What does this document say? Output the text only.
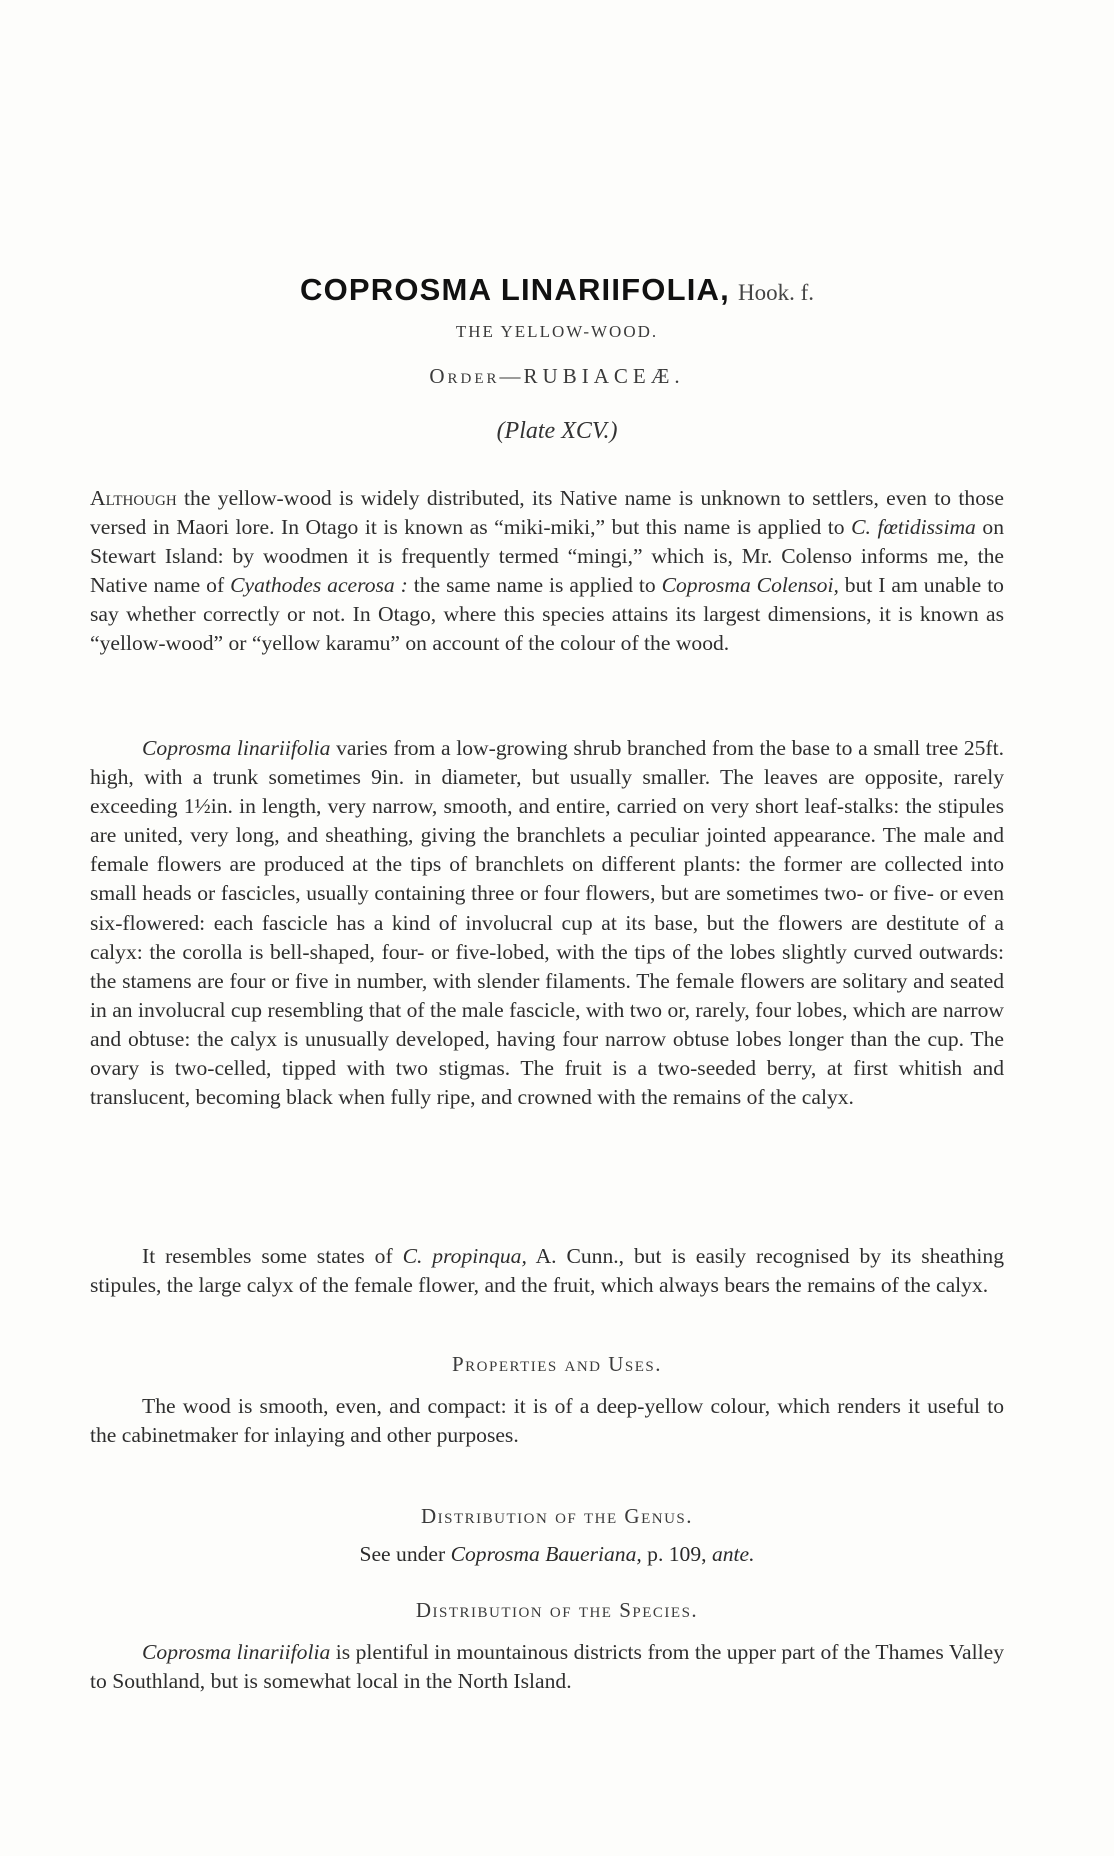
COPROSMA LINARIIFOLIA, Hook. f.
THE YELLOW-WOOD.
Order—RUBIACEÆ.
(Plate XCV.)

Although the yellow-wood is widely distributed, its Native name is unknown to settlers, even to those versed in Maori lore. In Otago it is known as “miki-miki,” but this name is applied to C. fœtidissima on Stewart Island: by woodmen it is frequently termed “mingi,” which is, Mr. Colenso informs me, the Native name of Cyathodes acerosa : the same name is applied to Coprosma Colensoi, but I am unable to say whether correctly or not. In Otago, where this species attains its largest dimensions, it is known as “yellow-wood” or “yellow karamu” on account of the colour of the wood.

Coprosma linariifolia varies from a low-growing shrub branched from the base to a small tree 25ft. high, with a trunk sometimes 9in. in diameter, but usually smaller. The leaves are opposite, rarely exceeding 1½in. in length, very narrow, smooth, and entire, carried on very short leaf-stalks: the stipules are united, very long, and sheathing, giving the branchlets a peculiar jointed appearance. The male and female flowers are produced at the tips of branchlets on different plants: the former are collected into small heads or fascicles, usually containing three or four flowers, but are sometimes two- or five- or even six-flowered: each fascicle has a kind of involucral cup at its base, but the flowers are destitute of a calyx: the corolla is bell-shaped, four- or five-lobed, with the tips of the lobes slightly curved outwards: the stamens are four or five in number, with slender filaments. The female flowers are solitary and seated in an involucral cup resembling that of the male fascicle, with two or, rarely, four lobes, which are narrow and obtuse: the calyx is unusually developed, having four narrow obtuse lobes longer than the cup. The ovary is two-celled, tipped with two stigmas. The fruit is a two-seeded berry, at first whitish and translucent, becoming black when fully ripe, and crowned with the remains of the calyx.

It resembles some states of C. propinqua, A. Cunn., but is easily recognised by its sheathing stipules, the large calyx of the female flower, and the fruit, which always bears the remains of the calyx.

Properties and Uses.

The wood is smooth, even, and compact: it is of a deep-yellow colour, which renders it useful to the cabinetmaker for inlaying and other purposes.

Distribution of the Genus.
See under Coprosma Baueriana, p. 109, ante.
Distribution of the Species.

Coprosma linariifolia is plentiful in mountainous districts from the upper part of the Thames Valley to Southland, but is somewhat local in the North Island.
